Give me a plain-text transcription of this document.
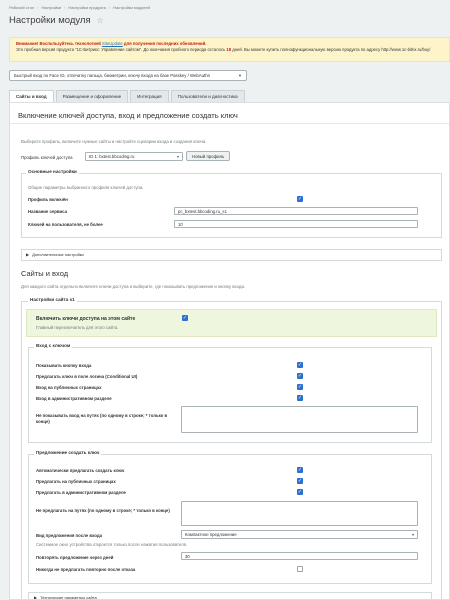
Рабочий стол › Настройки › Настройки продукта › Настройки модулей
Настройки модуля ☆
Внимание! Воспользуйтесь технологией SiteUpdate для получения последних обновлений.
Это пробная версия продукта "1С-Битрикс: Управление сайтом". До окончания пробного периода осталось 18 дней. Вы можете купить полнофункциональную версию продукта по адресу http://www.1c-bitrix.ru/buy/
Быстрый вход по Face ID, отпечатку пальца, биометрии, ключу входа на базе Passkey / WebAuthn	▼
Сайты и вход	Размещение и оформление	Интеграция	Пользователи и диагностика
Включение ключей доступа, вход и предложение создать ключ
Выберите профиль, включите нужные сайты и настройте сценарии входа и создания ключа.
Профиль ключей доступа	ID 1: bxtest.bbcoding.ru	▾	Новый профиль
Основные настройки
Общие параметры выбранного профиля ключей доступа.
Профиль включён	✓
Название сервиса	pc_bxtest.bbcoding.ru_s1
Ключей на пользователя, не более	10
▶ Дополнительные настройки
Сайты и вход
Для каждого сайта отдельно включите ключи доступа и выберите, где показывать предложение и кнопку входа.
Настройки сайта s1
Включить ключи доступа на этом сайте
Главный переключатель для этого сайта.
✓
Вход с ключом
Показывать кнопку входа	✓
Предлагать ключ в поле логина (Conditional UI)	✓
Вход на публичных страницах	✓
Вход в административном разделе	✓
Не показывать вход на путях (по одному в строке; * только в конце)
Предложение создать ключ
Автоматически предлагать создать ключ	✓
Предлагать на публичных страницах	✓
Предлагать в административном разделе	✓
Не предлагать на путях (по одному в строке; * только в конце)
Вид предложения после входа	Компактное предложение	▾
Системное окно устройства откроется только после нажатия пользователя.
Повторять предложение через дней	30
Никогда не предлагать повторно после отказа
▶ Технические параметры сайта
